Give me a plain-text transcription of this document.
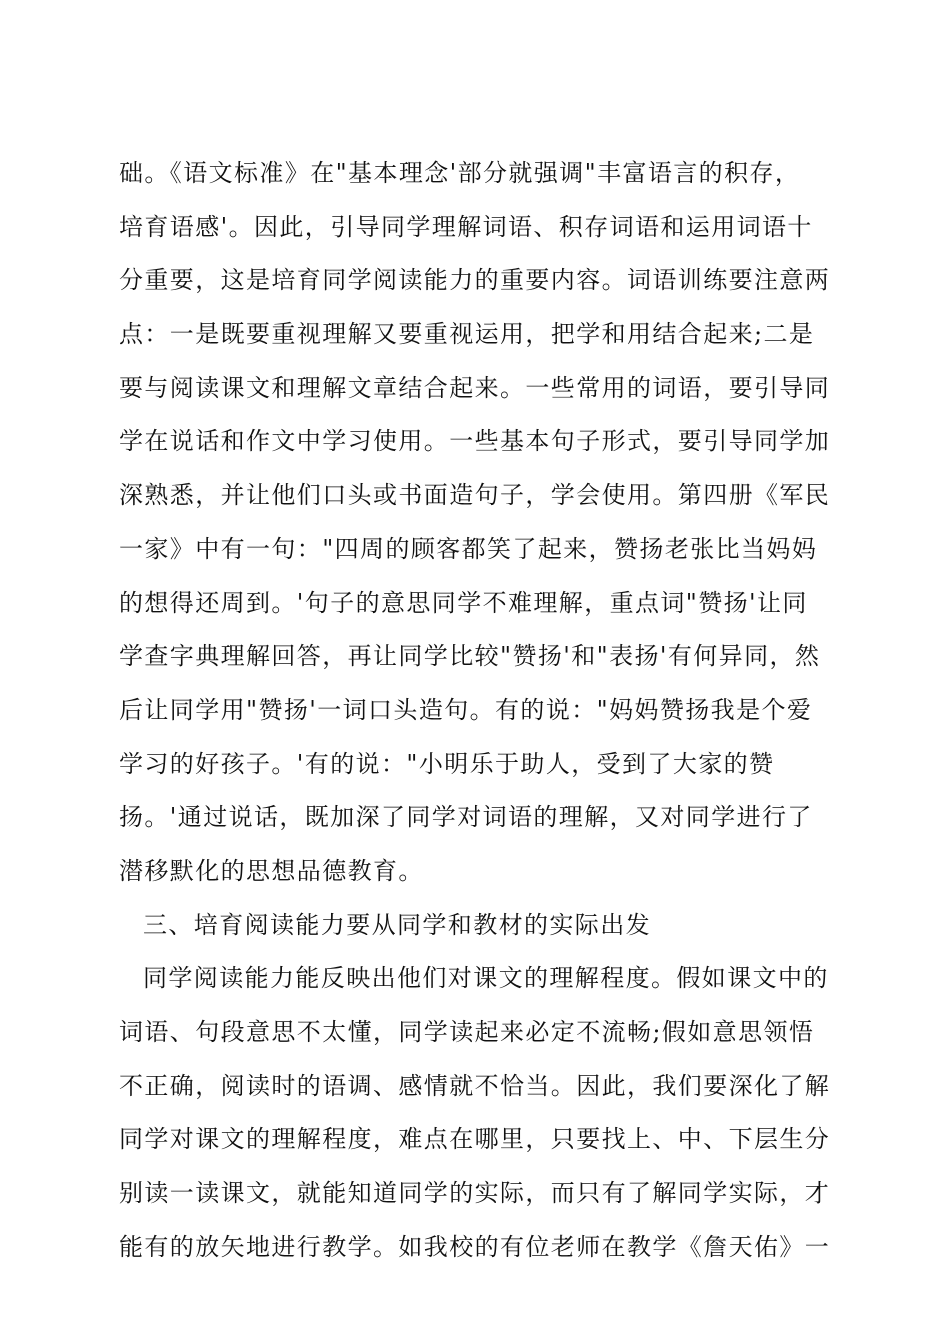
础。《语文标准》在"基本理念'部分就强调"丰富语言的积存，
培育语感'。因此，引导同学理解词语、积存词语和运用词语十
分重要，这是培育同学阅读能力的重要内容。词语训练要注意两
点：一是既要重视理解又要重视运用，把学和用结合起来;二是
要与阅读课文和理解文章结合起来。一些常用的词语，要引导同
学在说话和作文中学习使用。一些基本句子形式，要引导同学加
深熟悉，并让他们口头或书面造句子，学会使用。第四册《军民
一家》中有一句："四周的顾客都笑了起来，赞扬老张比当妈妈
的想得还周到。'句子的意思同学不难理解，重点词"赞扬'让同
学查字典理解回答，再让同学比较"赞扬'和"表扬'有何异同，然
后让同学用"赞扬'一词口头造句。有的说："妈妈赞扬我是个爱
学习的好孩子。'有的说："小明乐于助人，受到了大家的赞
扬。'通过说话，既加深了同学对词语的理解，又对同学进行了
潜移默化的思想品德教育。
三、培育阅读能力要从同学和教材的实际出发
同学阅读能力能反映出他们对课文的理解程度。假如课文中的
词语、句段意思不太懂，同学读起来必定不流畅;假如意思领悟
不正确，阅读时的语调、感情就不恰当。因此，我们要深化了解
同学对课文的理解程度，难点在哪里，只要找上、中、下层生分
别读一读课文，就能知道同学的实际，而只有了解同学实际，才
能有的放矢地进行教学。如我校的有位老师在教学《詹天佑》一
